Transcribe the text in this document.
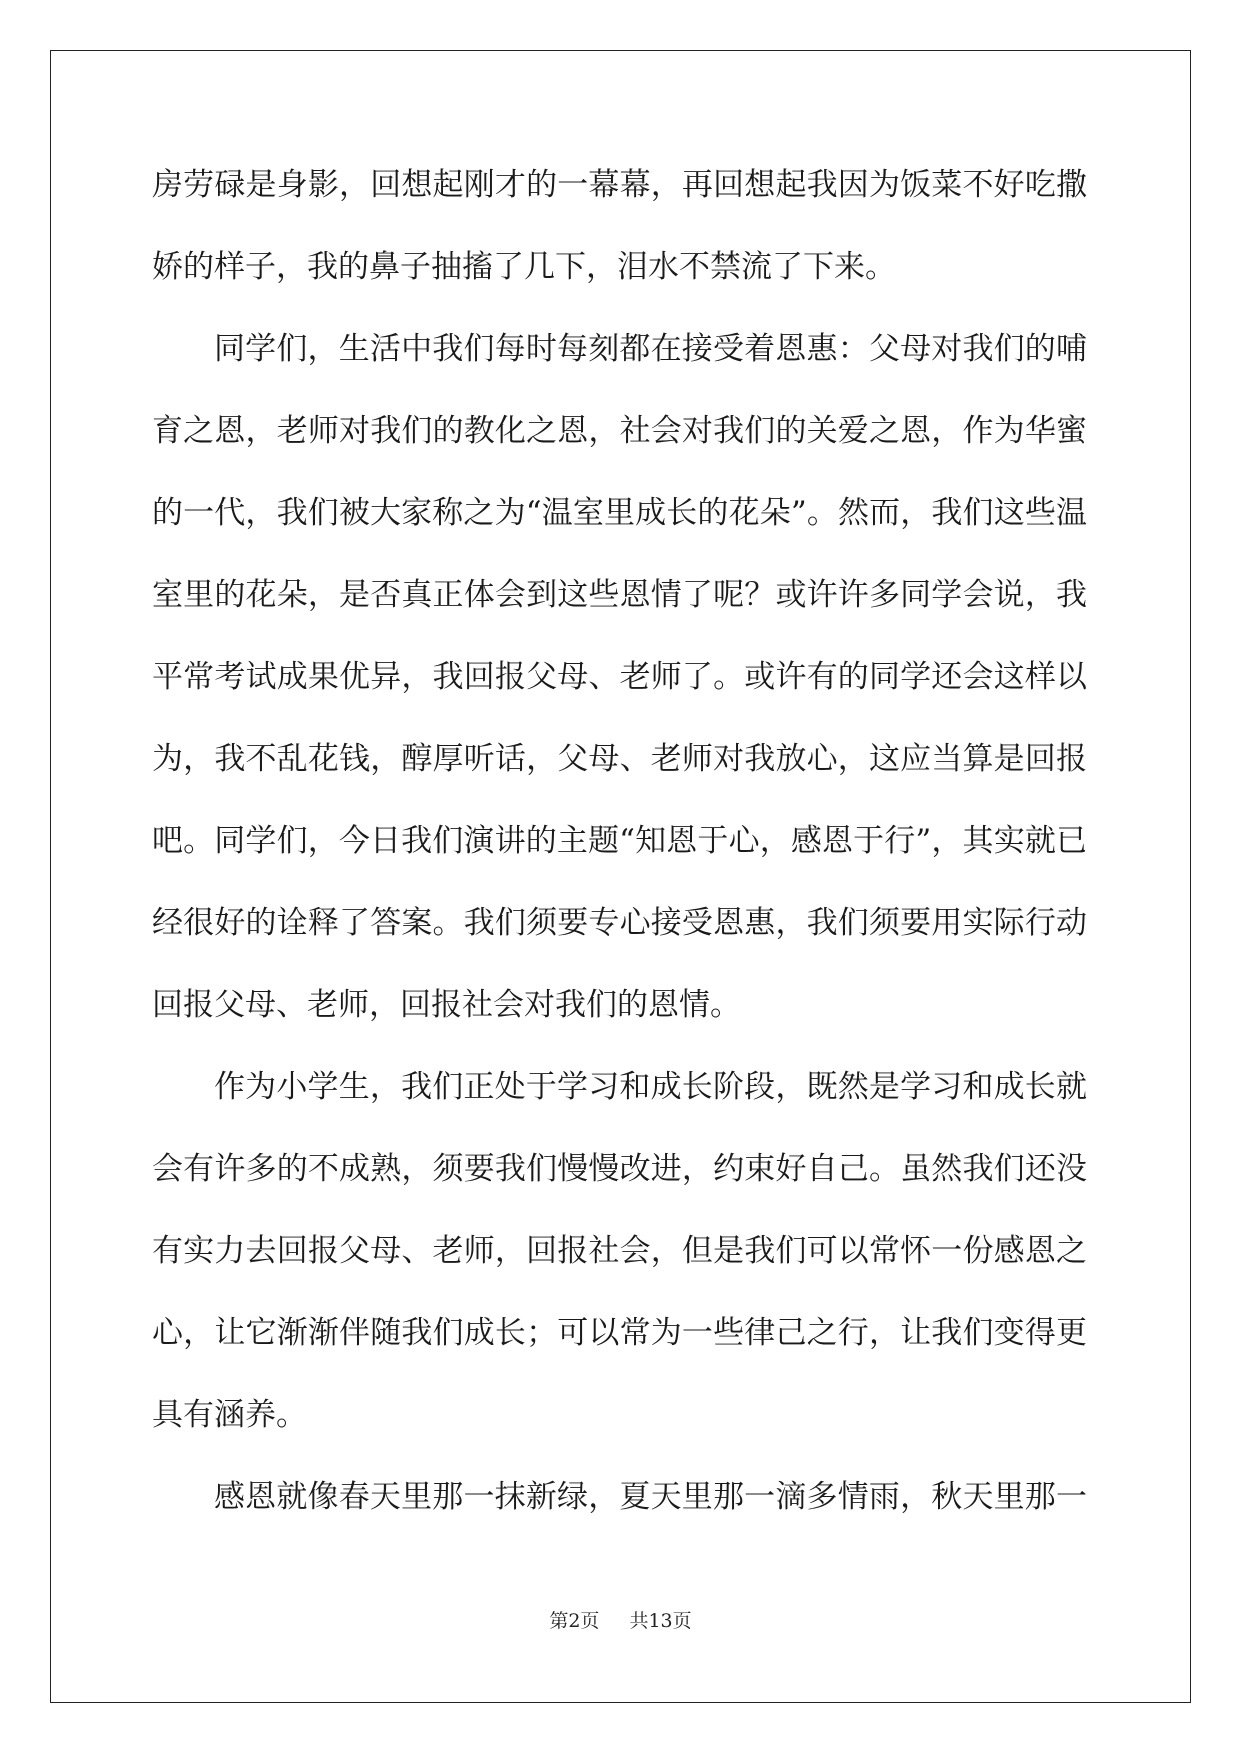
房劳碌是身影，回想起刚才的一幕幕，再回想起我因为饭菜不好吃撒
娇的样子，我的鼻子抽搐了几下，泪水不禁流了下来。

同学们，生活中我们每时每刻都在接受着恩惠：父母对我们的哺
育之恩，老师对我们的教化之恩，社会对我们的关爱之恩，作为华蜜
的一代，我们被大家称之为“温室里成长的花朵”。然而，我们这些温
室里的花朵，是否真正体会到这些恩情了呢？或许许多同学会说，我
平常考试成果优异，我回报父母、老师了。或许有的同学还会这样以
为，我不乱花钱，醇厚听话，父母、老师对我放心，这应当算是回报
吧。同学们，今日我们演讲的主题“知恩于心，感恩于行”，其实就已
经很好的诠释了答案。我们须要专心接受恩惠，我们须要用实际行动
回报父母、老师，回报社会对我们的恩情。

作为小学生，我们正处于学习和成长阶段，既然是学习和成长就
会有许多的不成熟，须要我们慢慢改进，约束好自己。虽然我们还没
有实力去回报父母、老师，回报社会，但是我们可以常怀一份感恩之
心，让它渐渐伴随我们成长；可以常为一些律己之行，让我们变得更
具有涵养。

感恩就像春天里那一抹新绿，夏天里那一滴多情雨，秋天里那一

第2页 共13页
